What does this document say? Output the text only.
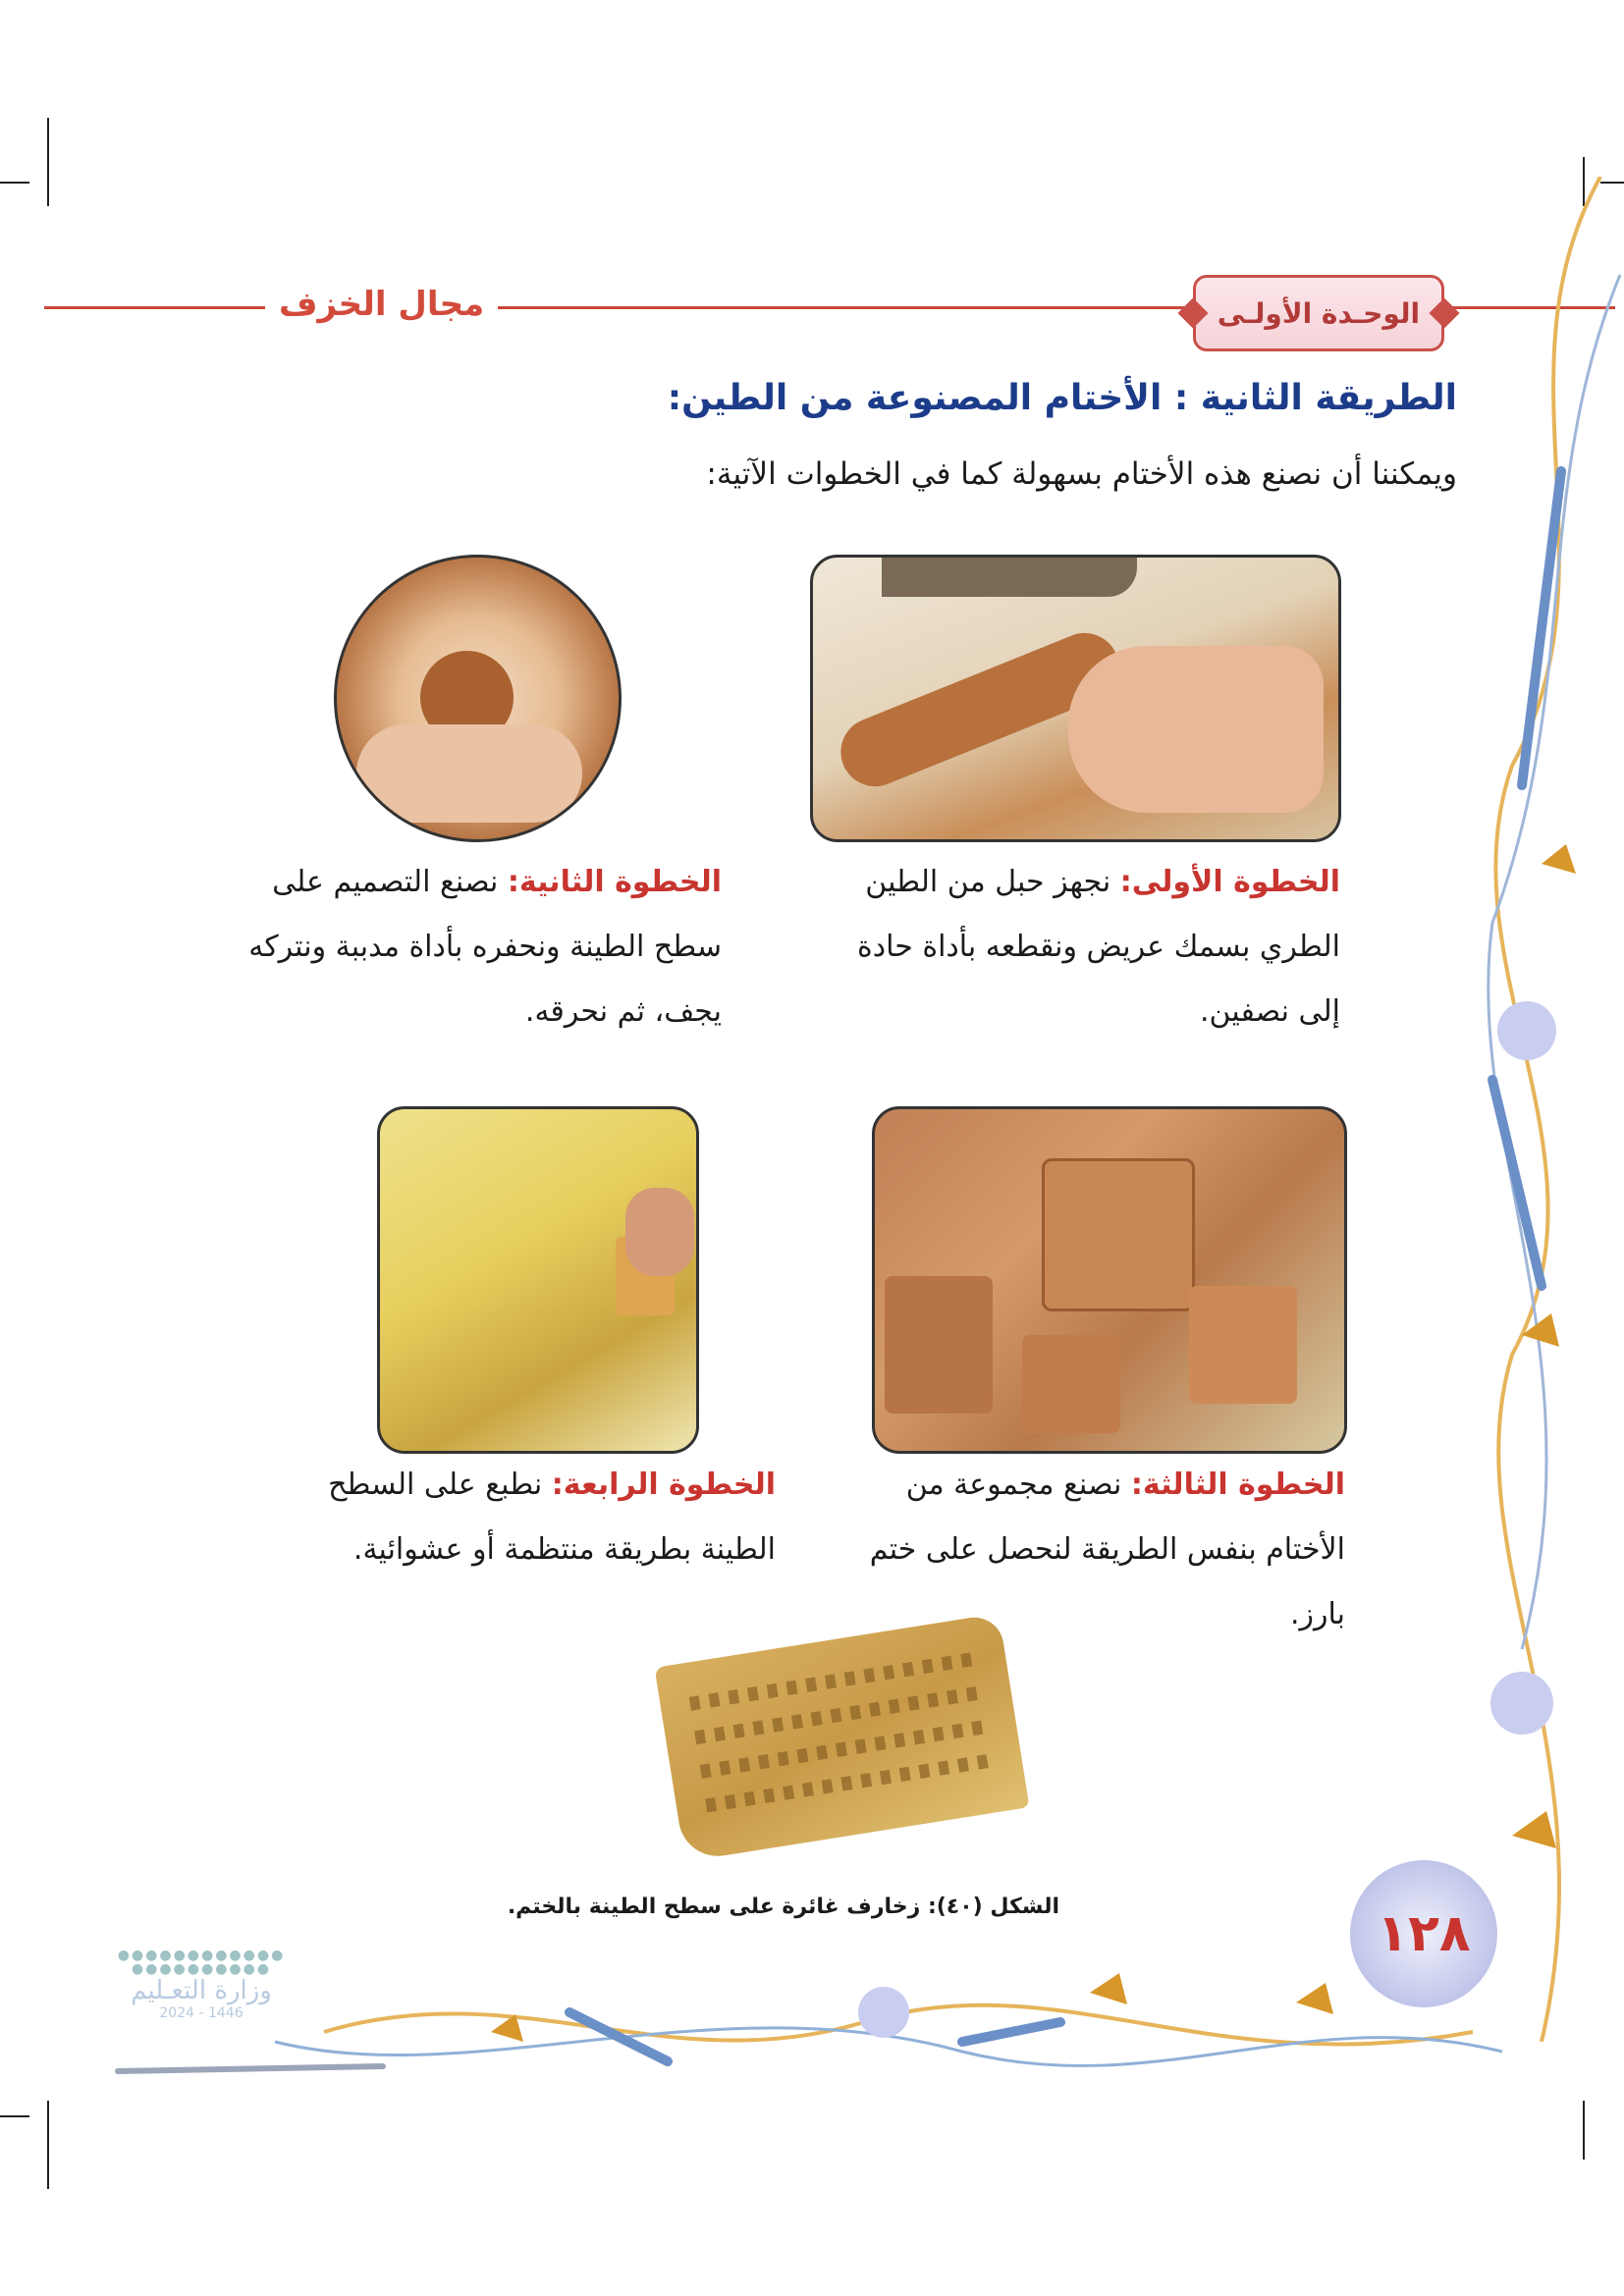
مجال الخزف	الوحـدة الأولـى
الطريقة الثانية : الأختام المصنوعة من الطين:
ويمكننا أن نصنع هذه الأختام بسهولة كما في الخطوات الآتية:
الخطوة الأولى: نجهز حبل من الطين الطري بسمك عريض ونقطعه بأداة حادة إلى نصفين.
الخطوة الثانية: نصنع التصميم على سطح الطينة ونحفره بأداة مدببة ونتركه يجف، ثم نحرقه.
الخطوة الثالثة: نصنع مجموعة من الأختام بنفس الطريقة لنحصل على ختم بارز.
الخطوة الرابعة: نطبع على السطح الطينة بطريقة منتظمة أو عشوائية.
الشكل (٤٠): زخارف غائرة على سطح الطينة بالختم.	١٢٨
●●●●●●●●●●●●
●●●●●●●●●●
وزارة التعـليم
2024 - 1446
